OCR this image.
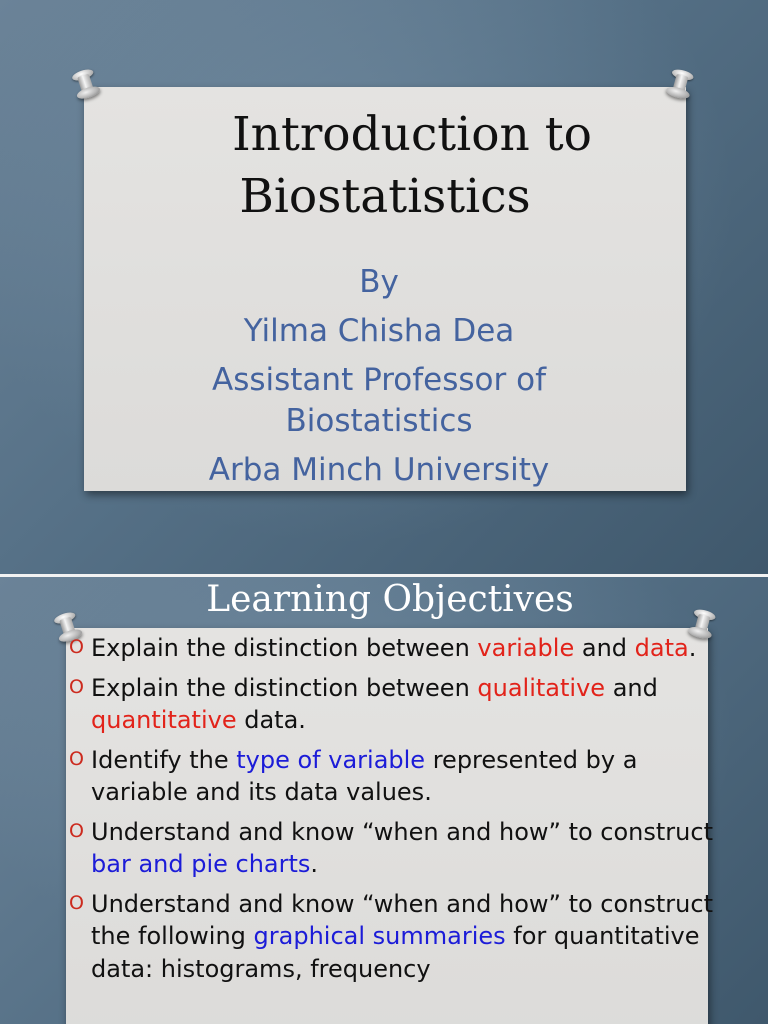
Introduction to
Biostatistics
By
Yilma Chisha Dea
Assistant Professor of
Biostatistics
Arba Minch University
Learning Objectives
O Explain the distinction between variable and data.
O Explain the distinction between qualitative and quantitative data.
O Identify the type of variable represented by a variable and its data values.
O Understand and know “when and how” to construct bar and pie charts.
O Understand and know “when and how” to construct the following graphical summaries for quantitative data: histograms, frequency
